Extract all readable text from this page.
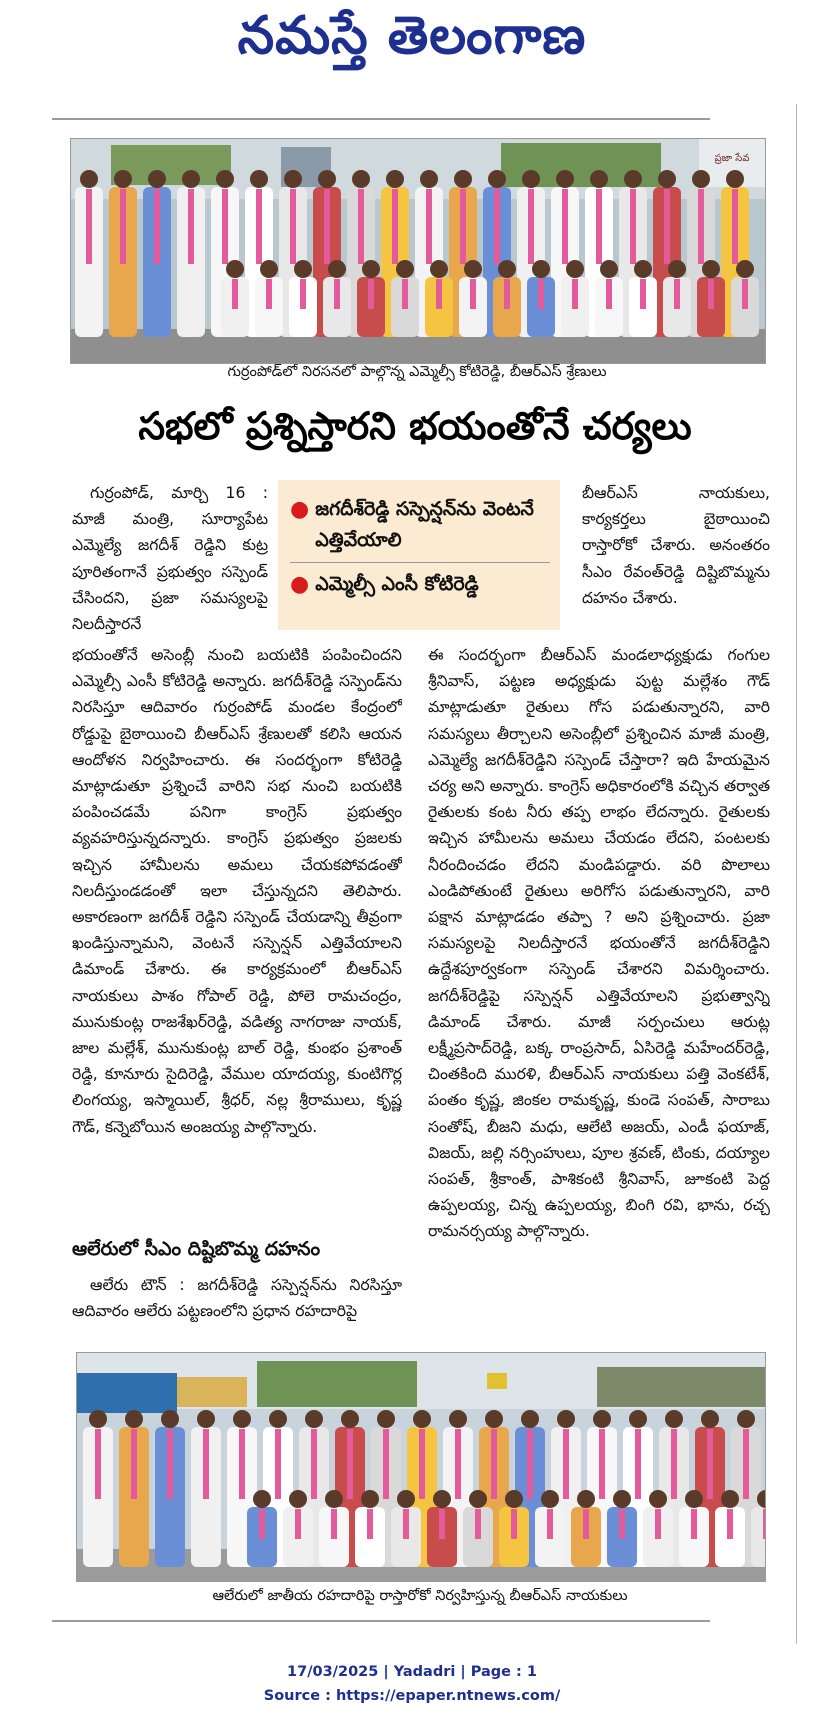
నమస్తే తెలంగాణ
ప్రజా సేవ
గుర్రంపోడ్‌లో నిరసనలో పాల్గొన్న ఎమ్మెల్సీ కోటిరెడ్డి, బీఆర్ఎస్ శ్రేణులు
సభలో ప్రశ్నిస్తారని భయంతోనే చర్యలు
● జగదీశ్‌రెడ్డి సస్పెన్షన్‌ను వెంటనే ఎత్తివేయాలి
● ఎమ్మెల్సీ ఎంసీ కోటిరెడ్డి

గుర్రంపోడ్, మార్చి 16 : మాజీ మంత్రి, సూర్యాపేట ఎమ్మెల్యే జగదీశ్ రెడ్డిని కుట్ర పూరితంగానే ప్రభుత్వం సస్పెండ్ చేసిందని, ప్రజా సమస్యలపై నిలదీస్తారనే

భయంతోనే అసెంబ్లీ నుంచి బయటికి పంపించిందని ఎమ్మెల్సీ ఎంసీ కోటిరెడ్డి అన్నారు. జగదీశ్‌రెడ్డి సస్పెండ్‌ను నిరసిస్తూ ఆదివారం గుర్రంపోడ్ మండల కేంద్రంలో రోడ్డుపై బైఠాయించి బీఆర్ఎస్ శ్రేణులతో కలిసి ఆయన ఆందోళన నిర్వహించారు. ఈ సందర్భంగా కోటిరెడ్డి మాట్లాడుతూ ప్రశ్నించే వారిని సభ నుంచి బయటికి పంపించడమే పనిగా కాంగ్రెస్ ప్రభుత్వం వ్యవహరిస్తున్నదన్నారు. కాంగ్రెస్ ప్రభుత్వం ప్రజలకు ఇచ్చిన హామీలను అమలు చేయకపోవడంతో నిలదీస్తుండడంతో ఇలా చేస్తున్నదని తెలిపారు. అకారణంగా జగదీశ్ రెడ్డిని సస్పెండ్ చేయడాన్ని తీవ్రంగా ఖండిస్తున్నామని, వెంటనే సస్పెన్షన్ ఎత్తివేయాలని డిమాండ్ చేశారు. ఈ కార్యక్రమంలో బీఆర్ఎస్ నాయకులు పాశం గోపాల్ రెడ్డి, పోలె రామచంద్రం, మునుకుంట్ల రాజశేఖర్‌రెడ్డి, వడిత్య నాగరాజు నాయక్, జాల మల్లేశ్, మునుకుంట్ల బాల్ రెడ్డి, కుంభం ప్రశాంత్ రెడ్డి, కూనూరు సైదిరెడ్డి, వేముల యాదయ్య, కుంటిగొర్ల లింగయ్య, ఇస్మాయిల్, శ్రీధర్, నల్ల శ్రీరాములు, కృష్ణ గౌడ్, కన్నెబోయిన అంజయ్య పాల్గొన్నారు.

ఆలేరులో సీఎం దిష్టిబొమ్మ దహనం

ఆలేరు టౌన్ : జగదీశ్‌రెడ్డి సస్పెన్షన్‌ను నిరసిస్తూ ఆదివారం ఆలేరు పట్టణంలోని ప్రధాన రహదారిపై

బీఆర్ఎస్ నాయకులు, కార్యకర్తలు బైఠాయించి రాస్తారోకో చేశారు. అనంతరం సీఎం రేవంత్‌రెడ్డి దిష్టిబొమ్మను దహనం చేశారు.

ఈ సందర్భంగా బీఆర్ఎస్ మండలాధ్యక్షుడు గంగుల శ్రీనివాస్, పట్టణ అధ్యక్షుడు పుట్ట మల్లేశం గౌడ్ మాట్లాడుతూ రైతులు గోస పడుతున్నారని, వారి సమస్యలు తీర్చాలని అసెంబ్లీలో ప్రశ్నించిన మాజీ మంత్రి, ఎమ్మెల్యే జగదీశ్‌రెడ్డిని సస్పెండ్ చేస్తారా? ఇది హేయమైన చర్య అని అన్నారు. కాంగ్రెస్ అధికారంలోకి వచ్చిన తర్వాత రైతులకు కంట నీరు తప్ప లాభం లేదన్నారు. రైతులకు ఇచ్చిన హామీలను అమలు చేయడం లేదని, పంటలకు నీరందించడం లేదని మండిపడ్డారు. వరి పొలాలు ఎండిపోతుంటే రైతులు అరిగోస పడుతున్నారని, వారి పక్షాన మాట్లాడడం తప్పా ? అని ప్రశ్నించారు. ప్రజా సమస్యలపై నిలదీస్తారనే భయంతోనే జగదీశ్‌రెడ్డిని ఉద్దేశపూర్వకంగా సస్పెండ్ చేశారని విమర్శించారు. జగదీశ్‌రెడ్డిపై సస్పెన్షన్ ఎత్తివేయాలని ప్రభుత్వాన్ని డిమాండ్ చేశారు. మాజీ సర్పంచులు ఆరుట్ల లక్ష్మీప్రసాద్‌రెడ్డి, బక్క రాంప్రసాద్, ఏసిరెడ్డి మహేందర్‌రెడ్డి, చింతకింది మురళి, బీఆర్ఎస్ నాయకులు పత్తి వెంకటేశ్, పంతం కృష్ణ, జింకల రామకృష్ణ, కుండె సంపత్, సారాబు సంతోష్, బీజని మధు, ఆలేటి అజయ్, ఎండీ ఫయాజ్, విజయ్, జల్లి నర్సింహులు, పూల శ్రవణ్, టింకు, దయ్యాల సంపత్, శ్రీకాంత్, పాశికంటి శ్రీనివాస్, జూకంటి పెద్ద ఉప్పలయ్య, చిన్న ఉప్పలయ్య, బింగి రవి, భాను, రచ్చ రామనర్సయ్య పాల్గొన్నారు.

ఆలేరులో జాతీయ రహదారిపై రాస్తారోకో నిర్వహిస్తున్న బీఆర్ఎస్ నాయకులు
17/03/2025 | Yadadri | Page : 1
Source : https://epaper.ntnews.com/
